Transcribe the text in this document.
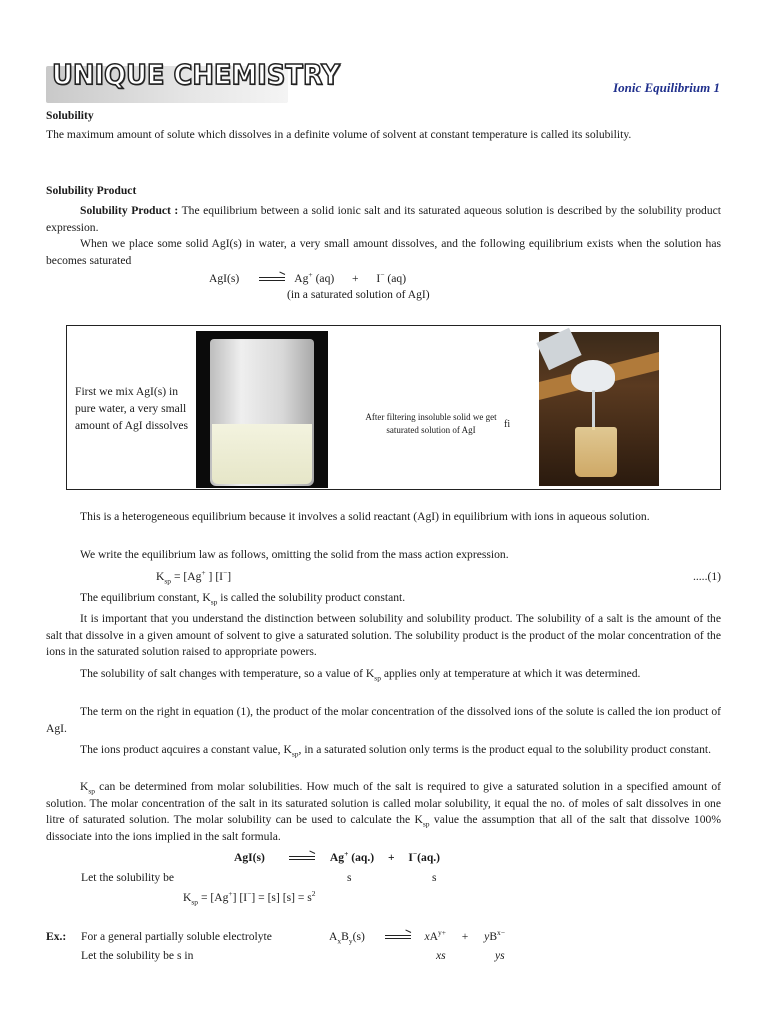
UNIQUE CHEMISTRY	Ionic Equilibrium 1
Solubility
The maximum amount of solute which dissolves in a definite volume of solvent at constant temperature is called its solubility.
Solubility Product
Solubility Product : The equilibrium between a solid ionic salt and its saturated aqueous solution is described by the solubility product expression.
When we place some solid AgI(s) in water, a very small amount dissolves, and the following equilibrium exists when the solution has becomes saturated
AgI(s) → Ag+ (aq) + I− (aq)
(in a saturated solution of AgI)
First we mix AgI(s) in pure water, a very small amount of AgI dissolves
After filtering insoluble solid we get saturated solution of AgI	fi
This is a heterogeneous equilibrium because it involves a solid reactant (AgI) in equilibrium with ions in aqueous solution.
We write the equilibrium law as follows, omitting the solid from the mass action expression.
$K_{sp} = [Ag^+$ ] [I−]	.....(1)
The equilibrium constant, $K_{sp}$ is called the solubility product constant.
It is important that you understand the distinction between solubility and solubility product. The solubility of a salt is the amount of the salt that dissolve in a given amount of solvent to give a saturated solution. The solubility product is the product of the molar concentration of the ions in the saturated solution raised to appropriate powers.
The solubility of salt changes with temperature, so a value of $K_{sp}$ applies only at temperature at which it was determined.
The term on the right in equation (1), the product of the molar concentration of the dissolved ions of the solute is called the ion product of AgI.
The ions product aqcuires a constant value, $K_{sp}$, in a saturated solution only terms is the product equal to the solubility product constant.
$K_{sp}$ can be determined from molar solubilities. How much of the salt is required to give a saturated solution in a specified amount of solution. The molar concentration of the salt in its saturated solution is called molar solubility, it equal the no. of moles of salt dissolves in one litre of saturated solution. The molar solubility can be used to calculate the $K_{sp}$ value the assumption that all of the salt that dissolve 100% dissociate into the ions implied in the salt formula.
AgI(s) → Ag+ (aq.) + I−(aq.)
Let the solubility be	s	s
$K_{sp} = [Ag^+] [I^-] = [s] [s] = s^2$
Ex.: For a general partially soluble electrolyte	$A_xB_y(s) \to xA^{y+} + yB^{x-}$
Let the solubility be s in	xs	ys
